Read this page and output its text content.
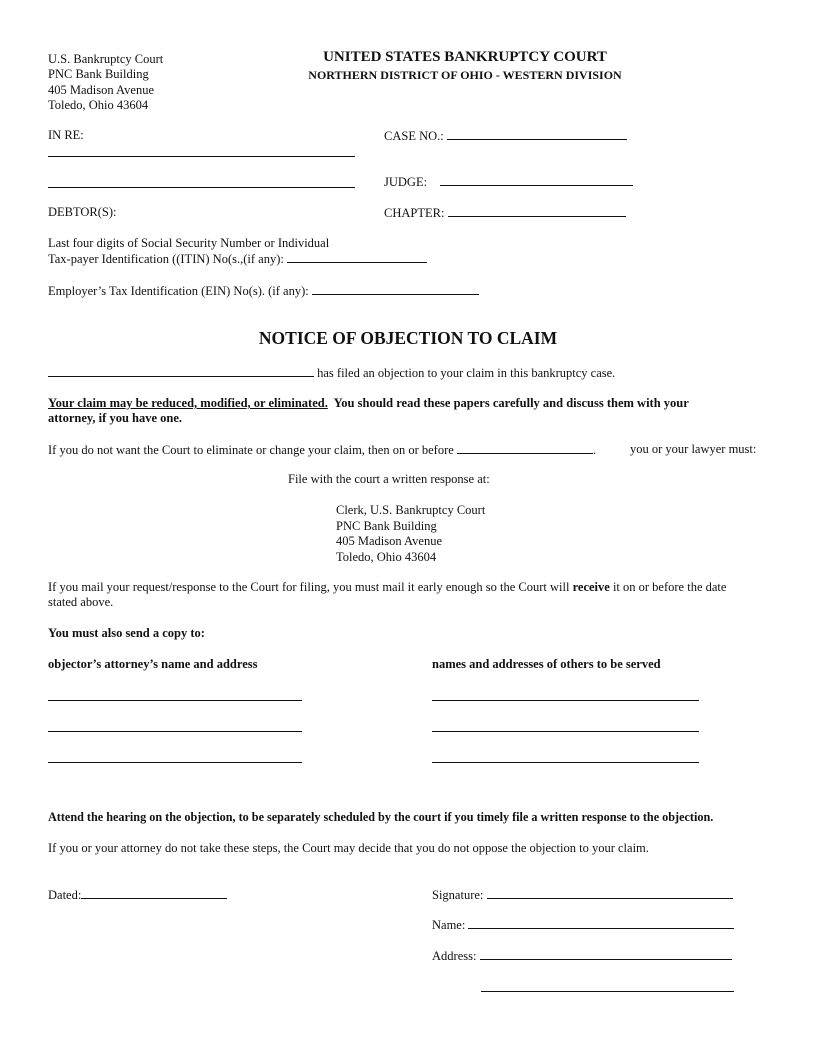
U.S. Bankruptcy Court
PNC Bank Building
405 Madison Avenue
Toledo, Ohio 43604
UNITED STATES BANKRUPTCY COURT
NORTHERN DISTRICT OF OHIO - WESTERN DIVISION
IN RE:	CASE NO.:
JUDGE:
DEBTOR(S):	CHAPTER:
Last four digits of Social Security Number or Individual
Tax-payer Identification ((ITIN) No(s.,(if any):
Employer’s Tax Identification (EIN) No(s). (if any):
NOTICE OF OBJECTION TO CLAIM
has filed an objection to your claim in this bankruptcy case.
Your claim may be reduced, modified, or eliminated. You should read these papers carefully and discuss them with your
attorney, if you have one.
If you do not want the Court to eliminate or change your claim, then on or before	.	you or your lawyer must:
File with the court a written response at:
Clerk, U.S. Bankruptcy Court
PNC Bank Building
405 Madison Avenue
Toledo, Ohio 43604
If you mail your request/response to the Court for filing, you must mail it early enough so the Court will receive it on or before the date
stated above.
You must also send a copy to:
objector’s attorney’s name and address	names and addresses of others to be served
Attend the hearing on the objection, to be separately scheduled by the court if you timely file a written response to the objection.
If you or your attorney do not take these steps, the Court may decide that you do not oppose the objection to your claim.
Dated:	Signature:
Name:
Address:
